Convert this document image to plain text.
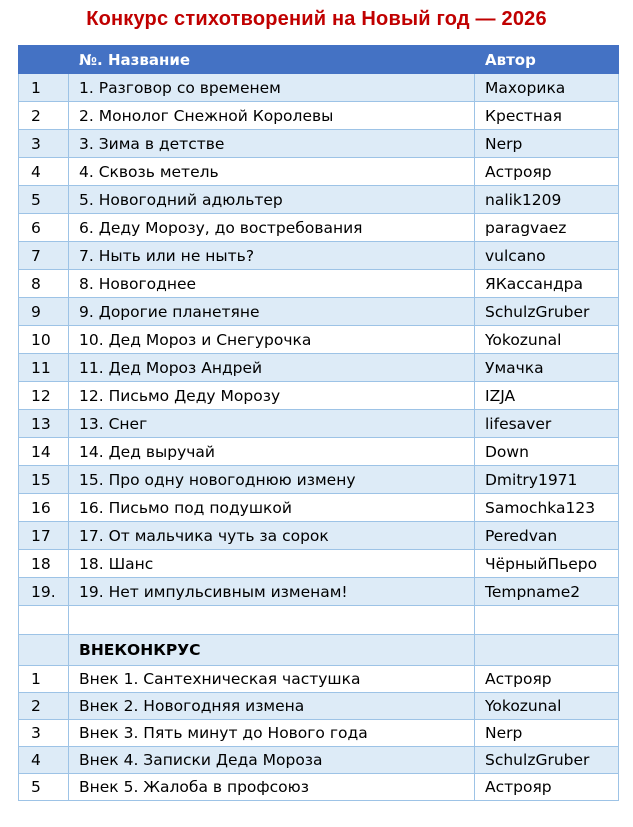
Конкурс стихотворений на Новый год — 2026
	№. Название	Автор
1	1. Разговор со временем	Махорика
2	2. Монолог Снежной Королевы	Крестная
3	3. Зима в детстве	Nerp
4	4. Сквозь метель	Астрояр
5	5. Новогодний адюльтер	nalik1209
6	6. Деду Морозу, до востребования	paragvaez
7	7. Ныть или не ныть?	vulcano
8	8. Новогоднее	ЯКассандра
9	9. Дорогие планетяне	SchulzGruber
10	10. Дед Мороз и Снегурочка	Yokozunal
11	11. Дед Мороз Андрей	Умачка
12	12. Письмо Деду Морозу	IZJA
13	13. Снег	lifesaver
14	14. Дед выручай	Down
15	15. Про одну новогоднюю измену	Dmitry1971
16	16. Письмо под подушкой	Samochka123
17	17. От мальчика чуть за сорок	Peredvan
18	18. Шанс	ЧёрныйПьеро
19.	19. Нет импульсивным изменам!	Tempname2

	ВНЕКОНКРУС	
1	Внек 1. Сантехническая частушка	Астрояр
2	Внек 2. Новогодняя измена	Yokozunal
3	Внек 3. Пять минут до Нового года	Nerp
4	Внек 4. Записки Деда Мороза	SchulzGruber
5	Внек 5. Жалоба в профсоюз	Астрояр
